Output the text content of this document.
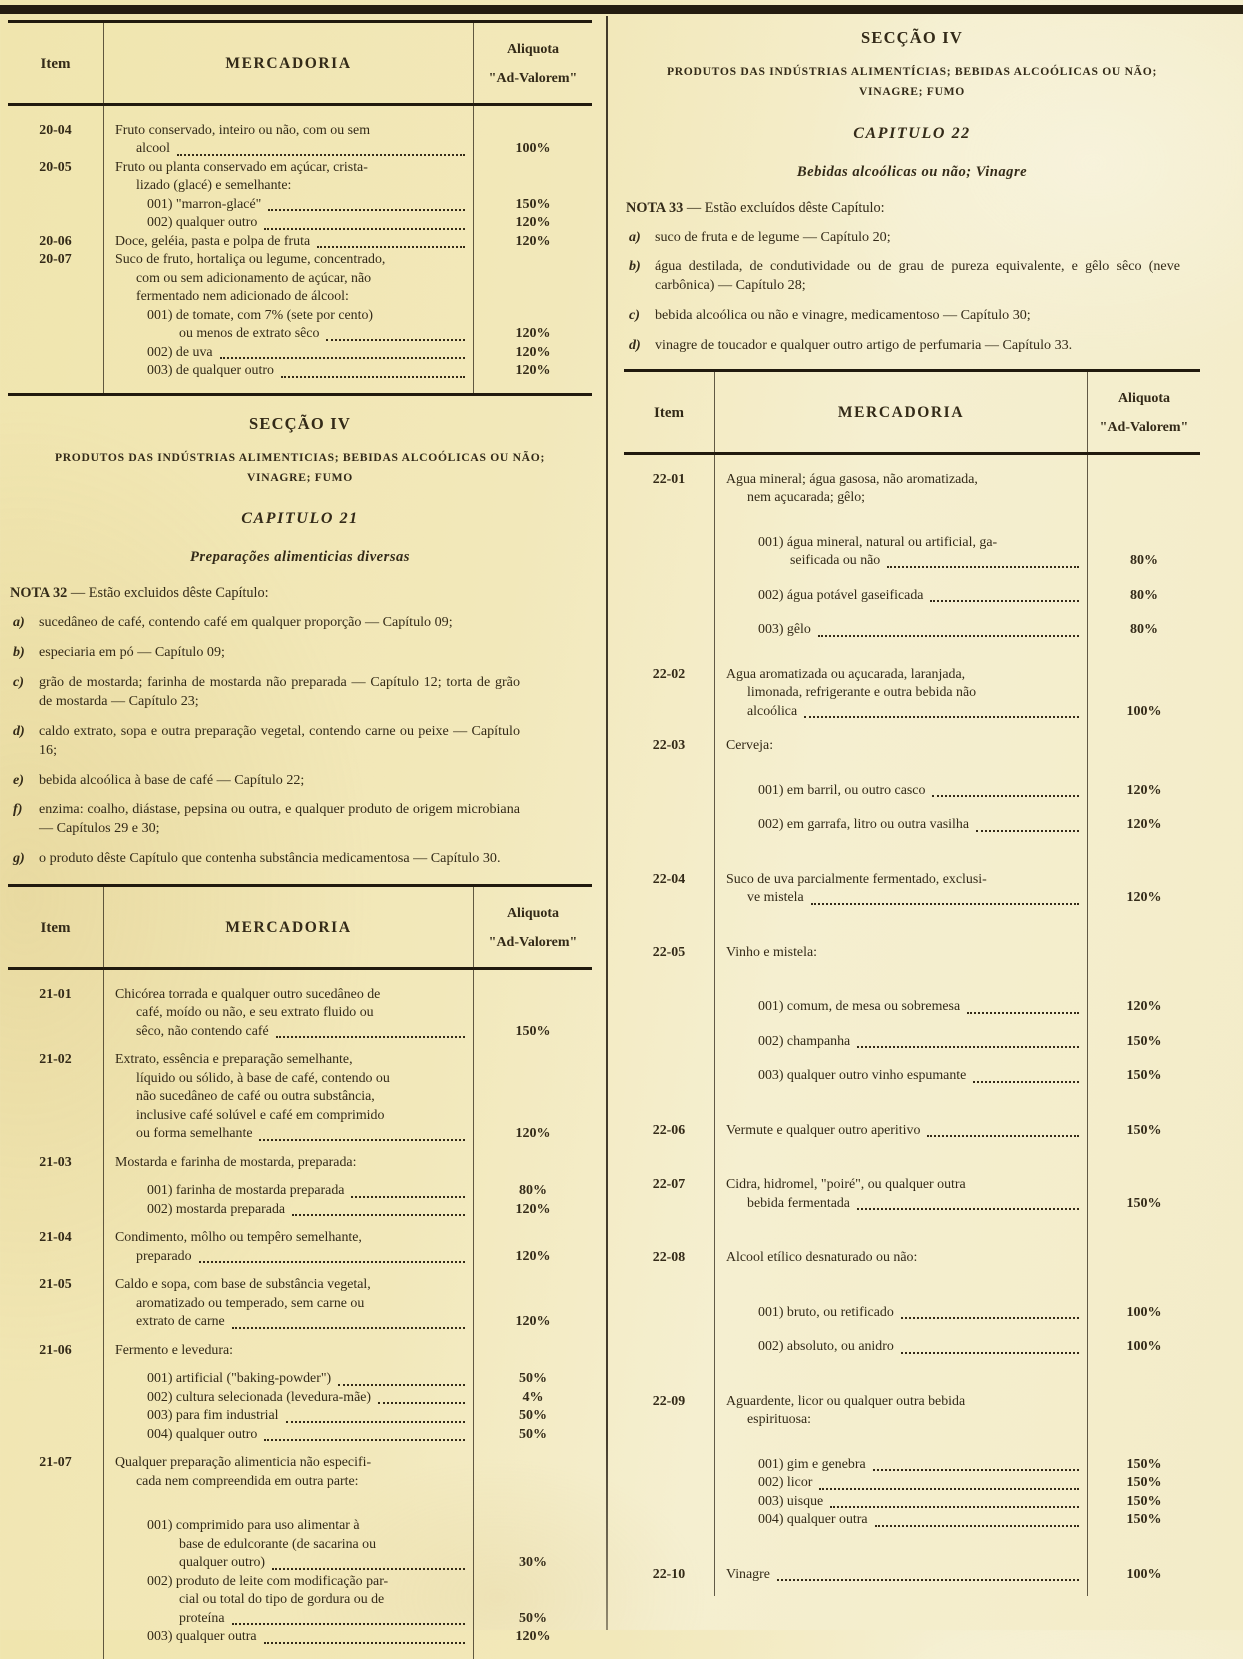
Item	MERCADORIA
Aliquota
"Ad-Valorem"
20-04	Fruto conservado, inteiro ou não, com ou sem
alcool	100%
20-05	Fruto ou planta conservado em açúcar, crista-
lizado (glacé) e semelhante:
001) "marron-glacé"	150%
002) qualquer outro	120%
20-06	Doce, geléia, pasta e polpa de fruta	120%
20-07	Suco de fruto, hortaliça ou legume, concentrado,
com ou sem adicionamento de açúcar, não
fermentado nem adicionado de álcool:
001) de tomate, com 7% (sete por cento)
ou menos de extrato sêco	120%
002) de uva	120%
003) de qualquer outro	120%
SECÇÃO IV
PRODUTOS DAS INDÚSTRIAS ALIMENTICIAS; BEBIDAS ALCOÓLICAS OU NÃO;
VINAGRE; FUMO
CAPITULO 21
Preparações alimenticias diversas
NOTA 32 — Estão excluidos dêste Capítulo:
a)	sucedâneo de café, contendo café em qualquer proporção — Capítulo 09;
b)	especiaria em pó — Capítulo 09;
c)	grão de mostarda; farinha de mostarda não preparada — Capítulo 12; torta de grão de mostarda — Capítulo 23;
d)	caldo extrato, sopa e outra preparação vegetal, contendo carne ou peixe — Capítulo 16;
e)	bebida alcoólica à base de café — Capítulo 22;
f)	enzima: coalho, diástase, pepsina ou outra, e qualquer produto de origem microbiana — Capítulos 29 e 30;
g)	o produto dêste Capítulo que contenha substância medicamentosa — Capítulo 30.
Item	MERCADORIA
Aliquota
"Ad-Valorem"
21-01	Chicórea torrada e qualquer outro sucedâneo de
café, moído ou não, e seu extrato fluido ou
sêco, não contendo café	150%
21-02	Extrato, essência e preparação semelhante,
líquido ou sólido, à base de café, contendo ou
não sucedâneo de café ou outra substância,
inclusive café solúvel e café em comprimido
ou forma semelhante	120%
21-03	Mostarda e farinha de mostarda, preparada:
001) farinha de mostarda preparada	80%
002) mostarda preparada	120%
21-04	Condimento, môlho ou tempêro semelhante,
preparado	120%
21-05	Caldo e sopa, com base de substância vegetal,
aromatizado ou temperado, sem carne ou
extrato de carne	120%
21-06	Fermento e levedura:
001) artificial ("baking-powder")	50%
002) cultura selecionada (levedura-mãe)	4%
003) para fim industrial	50%
004) qualquer outro	50%
21-07	Qualquer preparação alimenticia não especifi-
cada nem compreendida em outra parte:
001) comprimido para uso alimentar à
base de edulcorante (de sacarina ou
qualquer outro)	30%
002) produto de leite com modificação par-
cial ou total do tipo de gordura ou de
proteína	50%
003) qualquer outra	120%
SECÇÃO IV
PRODUTOS DAS INDÚSTRIAS ALIMENTÍCIAS; BEBIDAS ALCOÓLICAS OU NÃO;
VINAGRE; FUMO
CAPITULO 22
Bebidas alcoólicas ou não; Vinagre
NOTA 33 — Estão excluídos dêste Capítulo:
a)	suco de fruta e de legume — Capítulo 20;
b)	água destilada, de condutividade ou de grau de pureza equivalente, e gêlo sêco (neve carbônica) — Capítulo 28;
c)	bebida alcoólica ou não e vinagre, medicamentoso — Capítulo 30;
d)	vinagre de toucador e qualquer outro artigo de perfumaria — Capítulo 33.
Item	MERCADORIA
Aliquota
"Ad-Valorem"
22-01	Agua mineral; água gasosa, não aromatizada,
nem açucarada; gêlo;
001) água mineral, natural ou artificial, ga-
seificada ou não	80%
002) água potável gaseificada	80%
003) gêlo	80%
22-02	Agua aromatizada ou açucarada, laranjada,
limonada, refrigerante e outra bebida não
alcoólica	100%
22-03	Cerveja:
001) em barril, ou outro casco	120%
002) em garrafa, litro ou outra vasilha	120%
22-04	Suco de uva parcialmente fermentado, exclusi-
ve mistela	120%
22-05	Vinho e mistela:
001) comum, de mesa ou sobremesa	120%
002) champanha	150%
003) qualquer outro vinho espumante	150%
22-06	Vermute e qualquer outro aperitivo	150%
22-07	Cidra, hidromel, "poiré", ou qualquer outra
bebida fermentada	150%
22-08	Alcool etílico desnaturado ou não:
001) bruto, ou retificado	100%
002) absoluto, ou anidro	100%
22-09	Aguardente, licor ou qualquer outra bebida
espirituosa:
001) gim e genebra	150%
002) licor	150%
003) uisque	150%
004) qualquer outra	150%
22-10	Vinagre	100%
